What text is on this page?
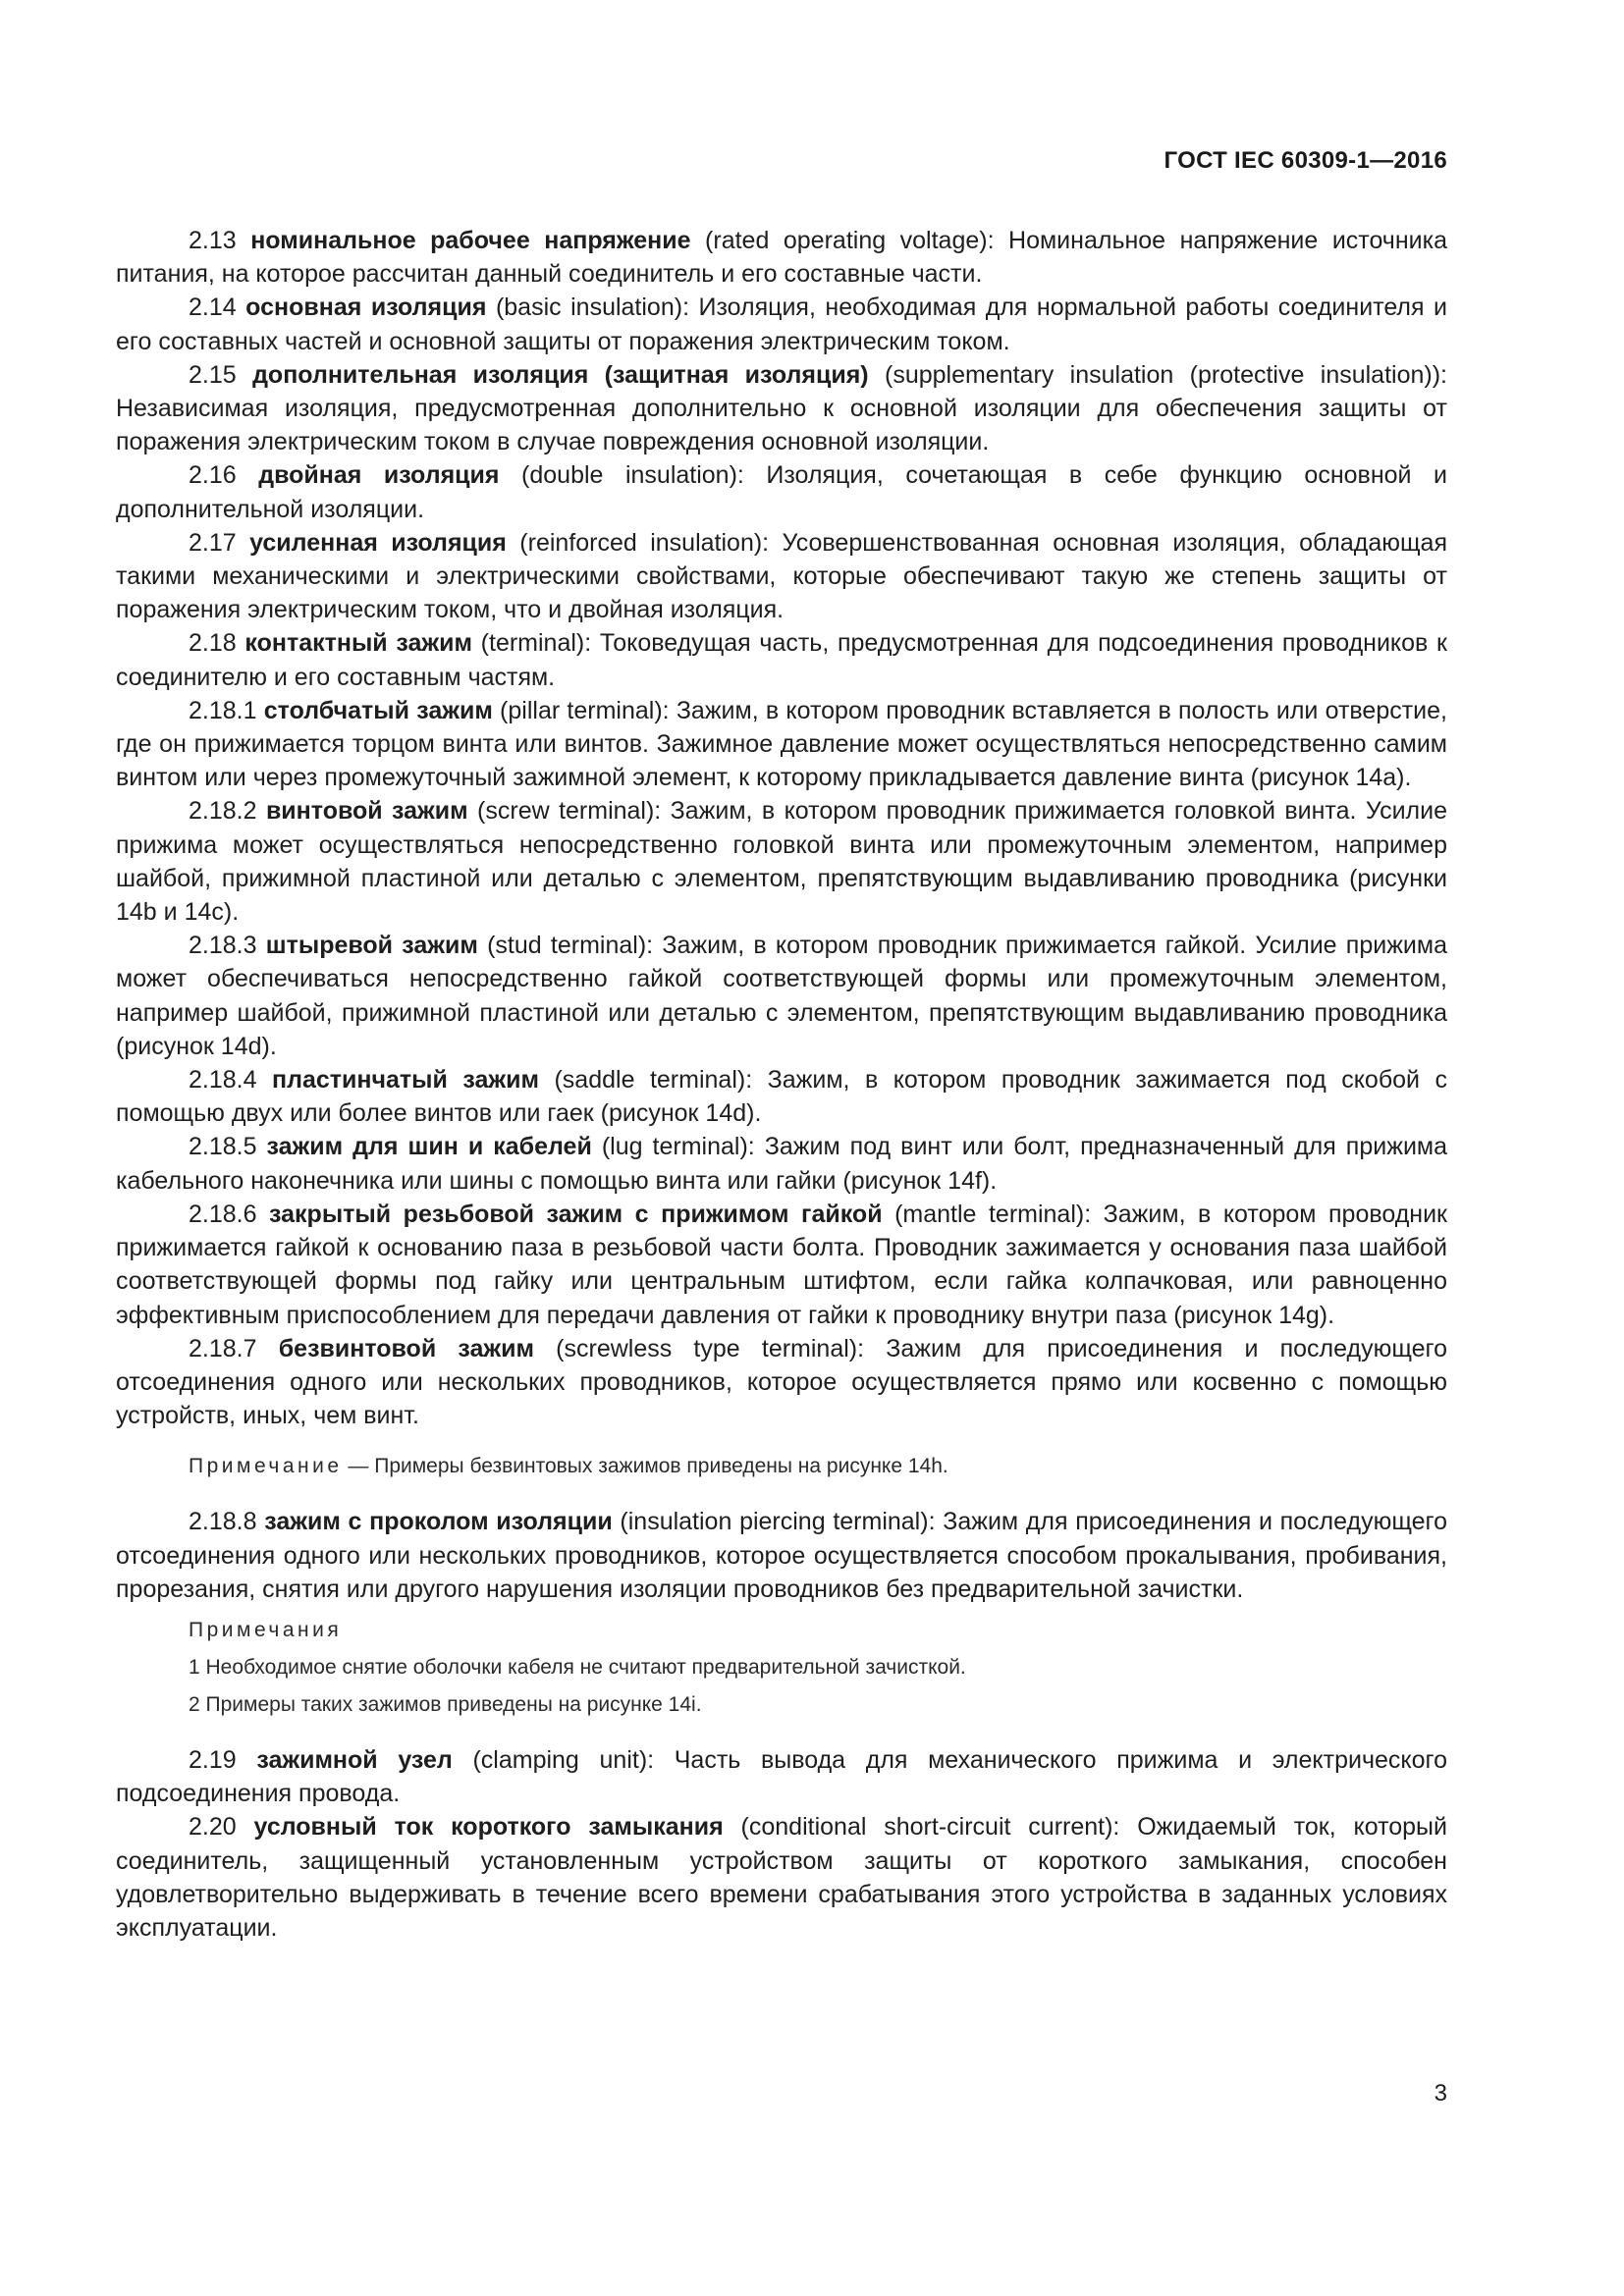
ГОСТ IEC 60309-1—2016

2.13 номинальное рабочее напряжение (rated operating voltage): Номинальное напряжение источника питания, на которое рассчитан данный соединитель и его составные части.

2.14 основная изоляция (basic insulation): Изоляция, необходимая для нормальной работы соединителя и его составных частей и основной защиты от поражения электрическим током.

2.15 дополнительная изоляция (защитная изоляция) (supplementary insulation (protective insulation)): Независимая изоляция, предусмотренная дополнительно к основной изоляции для обеспечения защиты от поражения электрическим током в случае повреждения основной изоляции.

2.16 двойная изоляция (double insulation): Изоляция, сочетающая в себе функцию основной и дополнительной изоляции.

2.17 усиленная изоляция (reinforced insulation): Усовершенствованная основная изоляция, обладающая такими механическими и электрическими свойствами, которые обеспечивают такую же степень защиты от поражения электрическим током, что и двойная изоляция.

2.18 контактный зажим (terminal): Токоведущая часть, предусмотренная для подсоединения проводников к соединителю и его составным частям.

2.18.1 столбчатый зажим (pillar terminal): Зажим, в котором проводник вставляется в полость или отверстие, где он прижимается торцом винта или винтов. Зажимное давление может осуществляться непосредственно самим винтом или через промежуточный зажимной элемент, к которому прикладывается давление винта (рисунок 14а).

2.18.2 винтовой зажим (screw terminal): Зажим, в котором проводник прижимается головкой винта. Усилие прижима может осуществляться непосредственно головкой винта или промежуточным элементом, например шайбой, прижимной пластиной или деталью с элементом, препятствующим выдавливанию проводника (рисунки 14b и 14с).

2.18.3 штыревой зажим (stud terminal): Зажим, в котором проводник прижимается гайкой. Усилие прижима может обеспечиваться непосредственно гайкой соответствующей формы или промежуточным элементом, например шайбой, прижимной пластиной или деталью с элементом, препятствующим выдавливанию проводника (рисунок 14d).

2.18.4 пластинчатый зажим (saddle terminal): Зажим, в котором проводник зажимается под скобой с помощью двух или более винтов или гаек (рисунок 14d).

2.18.5 зажим для шин и кабелей (lug terminal): Зажим под винт или болт, предназначенный для прижима кабельного наконечника или шины с помощью винта или гайки (рисунок 14f).

2.18.6 закрытый резьбовой зажим с прижимом гайкой (mantle terminal): Зажим, в котором проводник прижимается гайкой к основанию паза в резьбовой части болта. Проводник зажимается у основания паза шайбой соответствующей формы под гайку или центральным штифтом, если гайка колпачковая, или равноценно эффективным приспособлением для передачи давления от гайки к проводнику внутри паза (рисунок 14g).

2.18.7 безвинтовой зажим (screwless type terminal): Зажим для присоединения и последующего отсоединения одного или нескольких проводников, которое осуществляется прямо или косвенно с помощью устройств, иных, чем винт.

Примечание — Примеры безвинтовых зажимов приведены на рисунке 14h.

2.18.8 зажим с проколом изоляции (insulation piercing terminal): Зажим для присоединения и последующего отсоединения одного или нескольких проводников, которое осуществляется способом прокалывания, пробивания, прорезания, снятия или другого нарушения изоляции проводников без предварительной зачистки.

Примечания

1 Необходимое снятие оболочки кабеля не считают предварительной зачисткой.

2 Примеры таких зажимов приведены на рисунке 14i.

2.19 зажимной узел (clamping unit): Часть вывода для механического прижима и электрического подсоединения провода.

2.20 условный ток короткого замыкания (conditional short-circuit current): Ожидаемый ток, который соединитель, защищенный установленным устройством защиты от короткого замыкания, способен удовлетворительно выдерживать в течение всего времени срабатывания этого устройства в заданных условиях эксплуатации.

3
